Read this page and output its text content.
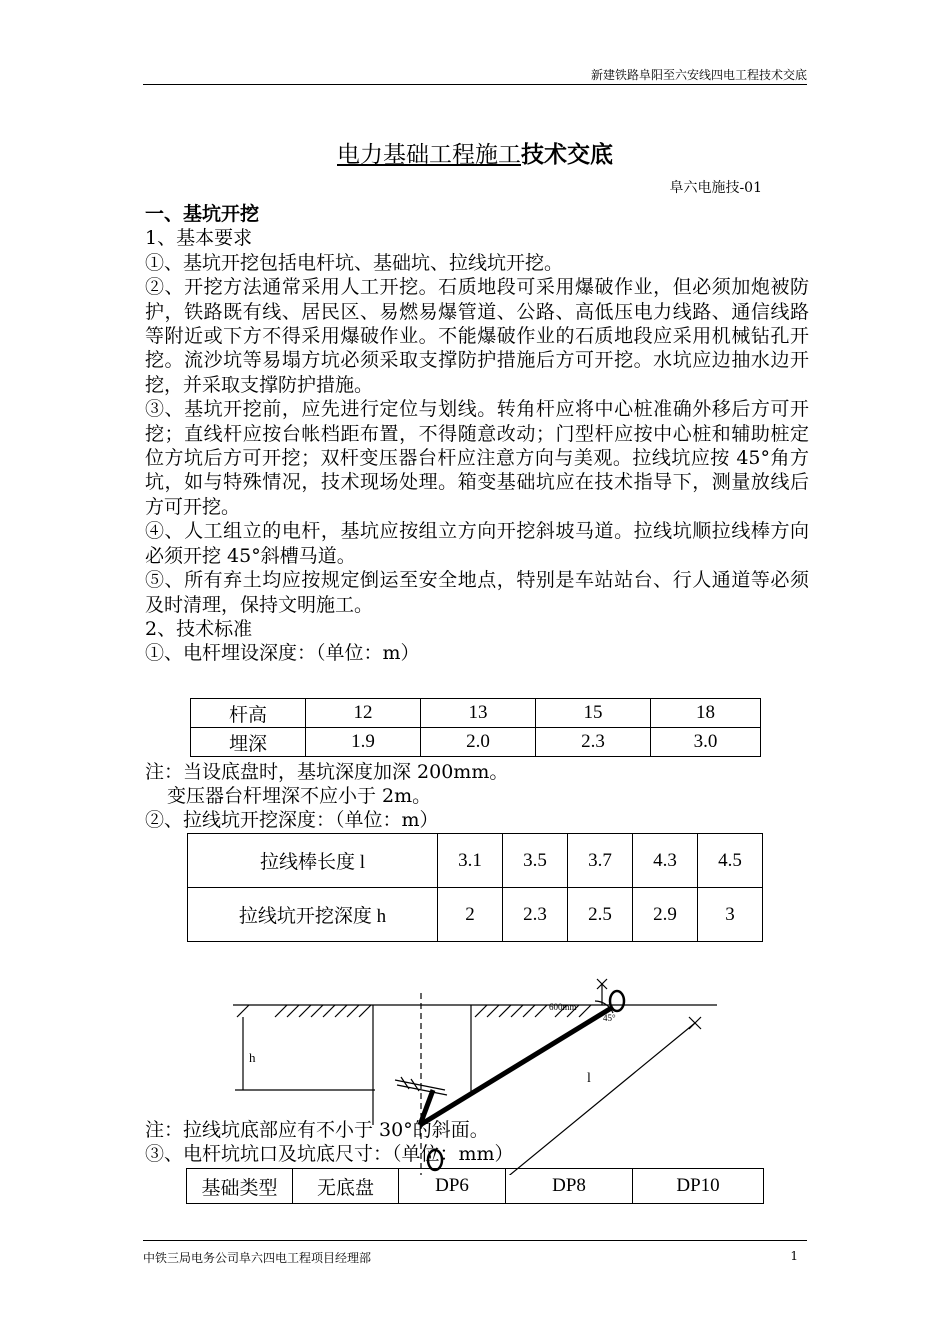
新建铁路阜阳至六安线四电工程技术交底
电力基础工程施工技术交底
阜六电施技-01

一、基坑开挖

1、基本要求

①、基坑开挖包括电杆坑、基础坑、拉线坑开挖。

②、开挖方法通常采用人工开挖。石质地段可采用爆破作业，但必须加炮被防护，铁路既有线、居民区、易燃易爆管道、公路、高低压电力线路、通信线路等附近或下方不得采用爆破作业。不能爆破作业的石质地段应采用机械钻孔开挖。流沙坑等易塌方坑必须采取支撑防护措施后方可开挖。水坑应边抽水边开挖，并采取支撑防护措施。

③、基坑开挖前，应先进行定位与划线。转角杆应将中心桩准确外移后方可开挖；直线杆应按台帐档距布置，不得随意改动；门型杆应按中心桩和辅助桩定位方坑后方可开挖；双杆变压器台杆应注意方向与美观。拉线坑应按 45°角方坑，如与特殊情况，技术现场处理。箱变基础坑应在技术指导下，测量放线后方可开挖。

④、人工组立的电杆，基坑应按组立方向开挖斜坡马道。拉线坑顺拉线棒方向必须开挖 45°斜槽马道。

⑤、所有弃土均应按规定倒运至安全地点，特别是车站站台、行人通道等必须及时清理，保持文明施工。

2、技术标准

①、电杆埋设深度：（单位：m）

杆高	12	13	15	18
埋深	1.9	2.0	2.3	3.0

注：当设底盘时，基坑深度加深 200mm。

变压器台杆埋深不应小于 2m。

②、拉线坑开挖深度：（单位：m）

拉线棒长度 l	3.1	3.5	3.7	4.3	4.5
拉线坑开挖深度 h	2	2.3	2.5	2.9	3
h
l
600mm
45°

注：拉线坑底部应有不小于 30°的斜面。

③、电杆坑坑口及坑底尺寸：（单位：mm）

基础类型	无底盘	DP6	DP8	DP10
中铁三局电务公司阜六四电工程项目经理部	1
